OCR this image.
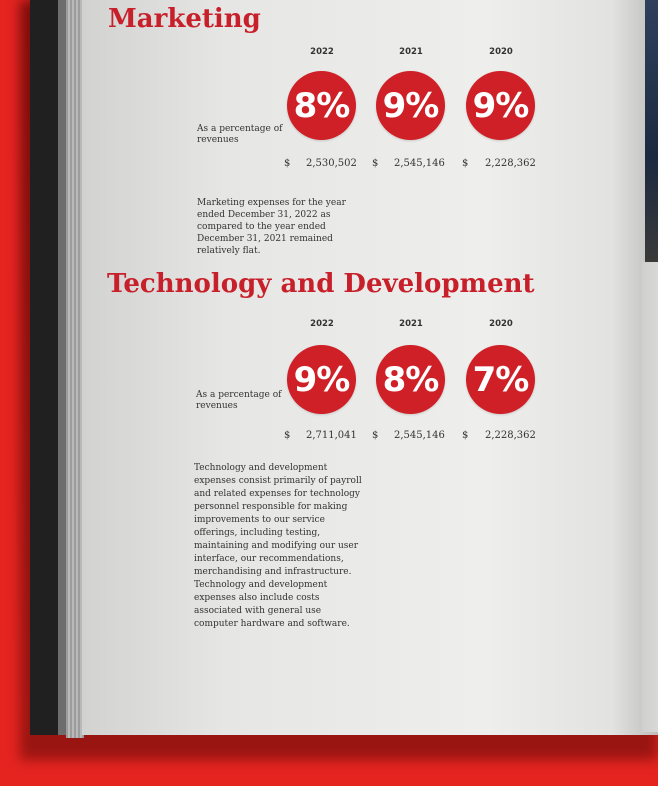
Marketing
2022	2021	2020
As a percentage of revenues
8% 9% 9%
$ 2,530,502 $ 2,545,146 $ 2,228,362
Marketing expenses for the year ended December 31, 2022 as compared to the year ended December 31, 2021 remained relatively flat.
Technology and Development
2022	2021	2020
As a percentage of revenues
9% 8% 7%
$ 2,711,041 $ 2,545,146 $ 2,228,362
Technology and development expenses consist primarily of payroll and related expenses for technology personnel responsible for making improvements to our service offerings, including testing, maintaining and modifying our user interface, our recommendations, merchandising and infrastructure. Technology and development expenses also include costs associated with general use computer hardware and software.
